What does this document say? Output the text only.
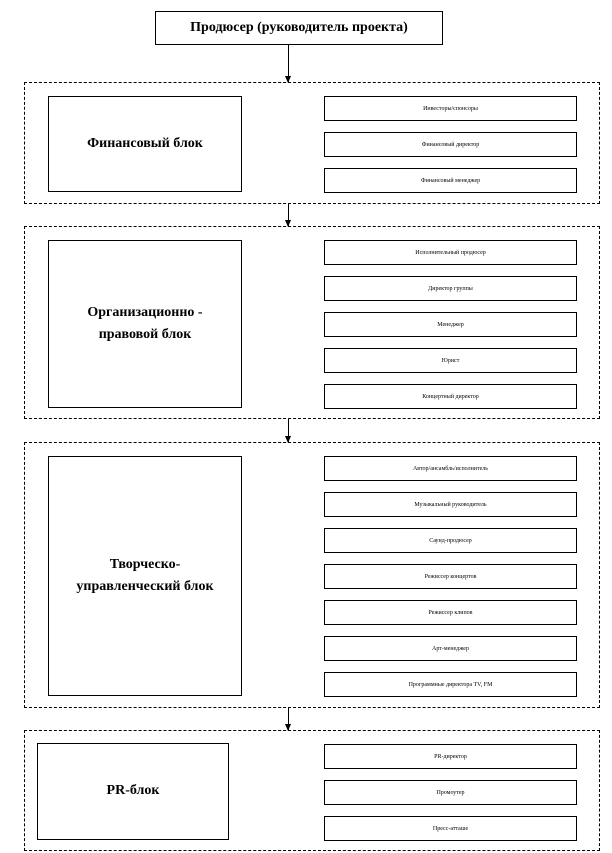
Продюсер (руководитель проекта)
Финансовый блок
Инвесторы/спонсоры
Финансовый директор
Финансовый менеджер
Организационно - правовой блок
Исполнительный продюсер
Директор группы
Менеджер
Юрист
Концертный директор
Творческо-управленческий блок
Автор/ансамбль/исполнитель
Музыкальный руководитель
Саунд-продюсер
Режиссер концертов
Режиссер клипов
Арт-менеджер
Программные директора TV, FM
PR-блок
PR-директор
Промоутер
Пресс-атташе
